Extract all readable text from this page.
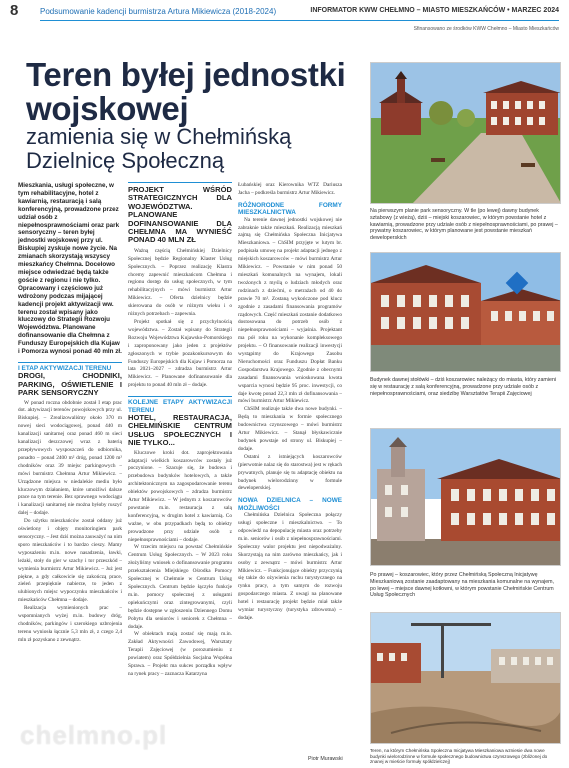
8	Podsumowanie kadencji burmistrza Artura Mikiewicza (2018-2024)	INFORMATOR KWW CHEŁMNO – MIASTO MIESZKAŃCÓW • MARZEC 2024
Sfinansowano ze środków KWW Chełmno – Miasto Mieszkańców
Teren byłej jednostki wojskowej
zamienia się w Chełmińską Dzielnicę Społeczną
Mieszkania, usługi społeczne, w tym rehabilitacyjne, hotel z kawiarnią, restauracją i salą konferencyjną, prowadzone przez udział osób z niepełnosprawnościami oraz park sensoryczny – teren byłej jednostki wojskowej przy ul. Biskupiej zyskuje nowe życie. Na zmianach skorzystają wszyscy mieszkańcy Chełmna. Docelowo miejsce odwiedzać będą także goście z regionu i nie tylko. Opracowany i częściowo już wdrożony podczas mijającej kadencji projekt aktywizacji ww. terenu został wpisany jako kluczowy do Strategii Rozwoju Województwa. Planowane dofinansowanie dla Chełmna z Funduszy Europejskich dla Kujaw i Pomorza wynosi ponad 40 mln zł.
I ETAP AKTYWIZACJI TERENU
DROGI, CHODNIKI, PARKING, OŚWIETLENIE I PARK SENSORYCZNY

W ponad roczna obdobnie został I etap prac dot. aktywizacji terenów powojskowych przy ul. Biskupiej. – Zrealizowaliśmy około 370 m nowej sieci wodociągowej, ponad 440 m kanalizacji sanitarnej oraz ponad 460 m sieci kanalizacji deszczowej wraz z baterią przepływowych wysposzczeń do odbiornika, ponadto – ponad 2400 m² dróg, ponad 1200 m² chodników oraz 39 miejsc parkingowych – mówi burmistrz Chełmna Artur Mikiewicz. – Urządzone miejsca w niedalekie mediu było kluczowym działaniem, które umożliwi dalsze prace na tym terenie. Bez sprawnego wodociągu i kanalizacji sanitarnej nie można byłoby ruszyć dalej – dodaje.

Do użytku mieszkańców został oddany już oświetlony i objęty monitoringiem park sensoryczny. – Jest dziś można zauważyć na nim sporo mieszkańców i to bardzo cieszy. Mamy wyposażeniu m.in. nowe nasadzenia, ławki, leżaki, stoły do gier w szachy i tor przeszkód – wymienia burmistrz Artur Mikiewicz. – Już jest piękne, a gdy całkowicie się zakończą prace, zieleń przepięknie nabierze, to jeden z ulubionych miejsc wypoczynku mieszkańców i mieszkańców Chełmna – dodaje.

Realizacja wymienionych prac – wspomnianych wyżej m.in. budowy dróg, chodników, parkingów i szerokiego uzbrojenia terenu wyniosła łącznie 5,3 mln zł, z czego 2,4 mln zł pozyskano z zewnątrz.

PROJEKT WŚRÓD STRATEGICZNYCH DLA WOJEWÓDZTWA. PLANOWANE DOFINANSOWANIE DLA CHEŁMNA MA WYNIEŚĆ PONAD 40 MLN ZŁ

Ważną częścią Chełmińskiej Dzielnicy Społecznej będzie Regionalny Klaster Usług Społecznych. – Poprzez realizację Klastra chcemy zapewnić mieszkańcom Chełmna i regionu dostęp do usług społecznych, w tym rehabilitacyjnych – mówi burmistrz Artur Mikiewicz. – Oferta dzielnicy będzie skierowana do osób w różnym wieku i o różnych potrzebach – zapewnia.

Projekt spotkał się z przychylnością województwa. – Został wpisany do Strategii Rozwoju Województwa Kujawsko-Pomorskiego i zaproponowany jako jeden z projektów zgłoszonych w trybie pozakonkursowym do Funduszy Europejskich dla Kujaw i Pomorza na lata 2021–2027 – zdradza burmistrz Artur Mikiewicz. – Planowane dofinansowanie dla projektu to ponad 40 mln zł – dodaje.

KOLEJNE ETAPY AKTYWIZACJI TERENU
HOTEL, RESTAURACJA, CHEŁMIŃSKIE CENTRUM USŁUG SPOŁECZNYCH I NIE TYLKO...

Kluczowe kroki dot. zaprojektowania adaptacji wielkich koszarowców zostały już poczynione. – Szacuje się, że budowa i przebudowa budynków hotelowych, a także architektonicznym na zagospodarowanie terenu obiektów powojskowych – zdradza burmistrz Artur Mikiewicz. – W jednym z koszarowców powstanie m.in. restauracja z salą konferencyjną, w drugim hotel z kawiarnią. Co ważne, w obu przypadkach będą to obiekty prowadzone przy udziale osób z niepełnosprawnościami – dodaje.

W trzecim miejscu na powstać Chełmińskie Centrum Usług Społecznych. – W 2023 roku złożyliśmy wniosek o dofinansowanie programu przekształcenia Miejskiego Ośrodka Pomocy Społecznej w Chełmnie w Centrum Usług Społecznych. Centrum będzie łączyło funkcje m.in. pomocy społecznej z usługami opiekuńczymi oraz zintegrowanymi, czyli będzie dostępne w zgłoszeniu Dziennego Domu Pobytu dla seniorów i seniorek z Chełmna – dodaje.

W obiektach mają zostać się mają m.in. Zakład Aktywności Zawodowej, Warsztaty Terapii Zajęciowej (w porozumieniu z powiatem) oraz Spółdzielnia Socjalna Współna Sprawa. – Projekt ma sukces porządku wpływ na rynek pracy – zaznacza Katarzyna

Łubańskiej oraz Kierownika WTZ Dariusza Jacha – podkreśla burmistrz Artur Mikiewicz.

RÓŻNORODNE FORMY MIESZKALNICTWA

Na terenie dawnej jednostki wojskowej nie zabraknie także mieszkań. Realizacją mieszkań zajmą się Chełmińska Społeczna Inicjatywa Mieszkaniowa. – ChSIM przyjęte w lutym br. podpisała umowę na projekt adaptacji jednego z miejskich koszarowców – mówi burmistrz Artur Mikiewicz. – Powstanie w nim ponad 50 mieszkań komunalnych na wynajem, lokali twożonych z myślą o ludziach młodych oraz rodzinach z dziećmi, o metrażach od 40 do prawie 70 m². Zostaną wykończone pod klucz zgodnie z zasadami finansowania programów rządowych. Część mieszkań zostanie dodatkowo dostosowana do potrzeb osób z niepełnosprawnościami – wyjaśnia. Projektant ma pół roku na wykonanie kompleksowego projektu. – O finansowanie realizacji inwestycji wystąpimy do Krajowego Zasobu Nieruchomości oraz Funduszu Dopłat Banku Gospodarstwa Krajowego. Zgodnie z obecnymi zasadami finansowania wnioskowana kwota wsparcia wynosi będzie 95 proc. inwestycji, co daje kwotę ponad 22,3 mln zł dofinansowania – mówi burmistrz Artur Mikiewicz.

ChSIM realizuje także dwa nowe budynki. – Będą to mieszkania w formie społecznego budownictwa czynszowego – mówi burmistrz Artur Mikiewicz. – Stanął błyskawicznie budynek powstaje od strony ul. Biskupiej – dodaje.

Ostatni z istniejących koszarowców (pierwotnie nalaz się do starostwa) jest w rękach prywatnych, planuje się tu adaptację obiektu na budynek wielorodzinny w formule deweloperskiej.

NOWA DZIELNICA – NOWE MOŻLIWOŚCI

Chełmińska Dzielnica Społeczna połączy usługi społeczne i mieszkalnictwo. – To odpowiedź na depopulację miasta oraz potrzeby m.in. seniorów i osób z niepełnosprawnościami. Społeczny walor projektu jest niepodważalny. Skorzystają na nim zarówno mieszkańcy, jak i osoby z zewnątrz – mówi burmistrz Artur Mikiewicz. – Funkcjonujące obiekty przyczynią się także do ożywienia ruchu turystycznego na rynku pracy, a tym samym do rozwoju gospodarczego miasta. Z uwagi na planowane hotel i restaurację projekt będzie miał także wymiar turystyczny (turystyka zdrowotna) – dodaje.

Na pierwszym planie park sensoryczny. W tle (po lewej) dawny budynek sztabowy (z wieżą), dziś – miejski koszarowiec, w którym powstanie hotel z kawiarnią, prowadzone przy udziale osób z niepełnosprawnościami, po prawej – prywatny koszarowiec, w którym planowane jest powstanie mieszkań deweloperskich
Budynek dawnej stołówki – dziś koszarowiec należący do miasta, który zamieni się w restaurację z salą konferencyjną, prowadzone przy udziale osób z niepełnosprawnościami, oraz siedzibę Warsztatów Terapii Zajęciowej
Po prawej – koszarowiec, który przez Chełmińską Społeczną Inicjatywę Mieszkaniową zostanie zaadaptowany na mieszkania komunalne na wynajem, po lewej – miejsce dawnej kotłowni, w którym powstanie Chełmińskie Centrum Usług Społecznych
Teren, na którym Chełmińska Społeczna Inicjatywa Mieszkaniowa wzniesie dwa nowe budynki wielorodzinne w formule społecznego budownictwa czynszowego (zbliżonej do znanej w mieście formuły spółdzielczej)
Piotr Murawski
chelmno.pl
